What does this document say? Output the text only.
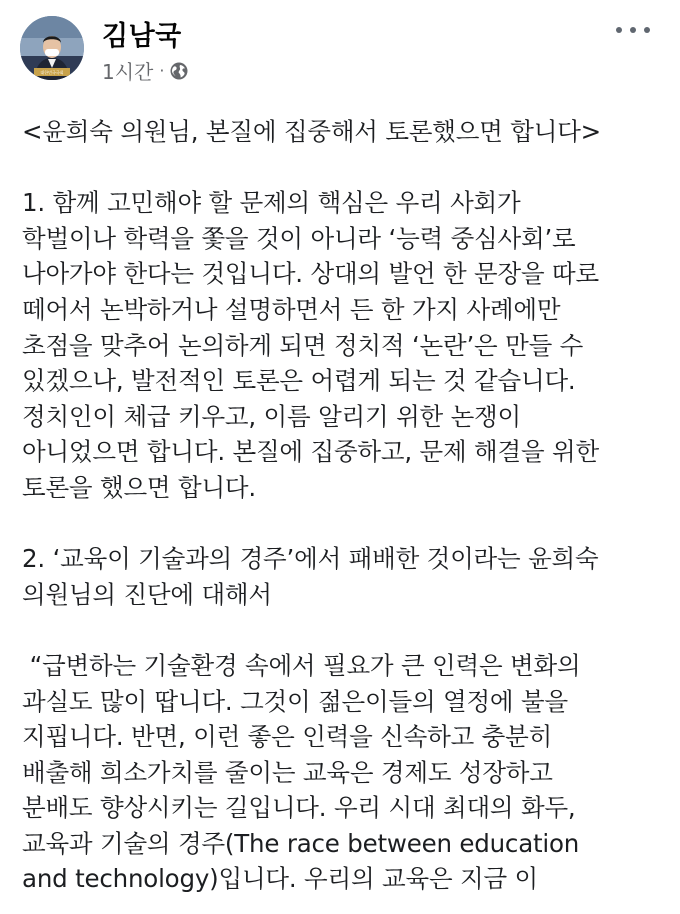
대한민국국회
김남국
1시간 ·

<윤희숙 의원님, 본질에 집중해서 토론했으면 합니다>

1. 함께 고민해야 할 문제의 핵심은 우리 사회가

학벌이나 학력을 쫓을 것이 아니라 ‘능력 중심사회’로

나아가야 한다는 것입니다. 상대의 발언 한 문장을 따로

떼어서 논박하거나 설명하면서 든 한 가지 사례에만

초점을 맞추어 논의하게 되면 정치적 ‘논란’은 만들 수

있겠으나, 발전적인 토론은 어렵게 되는 것 같습니다.

정치인이 체급 키우고, 이름 알리기 위한 논쟁이

아니었으면 합니다. 본질에 집중하고, 문제 해결을 위한

토론을 했으면 합니다.

2. ‘교육이 기술과의 경주’에서 패배한 것이라는 윤희숙

의원님의 진단에 대해서

“급변하는 기술환경 속에서 필요가 큰 인력은 변화의

과실도 많이 땁니다. 그것이 젊은이들의 열정에 불을

지핍니다. 반면, 이런 좋은 인력을 신속하고 충분히

배출해 희소가치를 줄이는 교육은 경제도 성장하고

분배도 향상시키는 길입니다. 우리 시대 최대의 화두,

교육과 기술의 경주(The race between education

and technology)입니다. 우리의 교육은 지금 이
